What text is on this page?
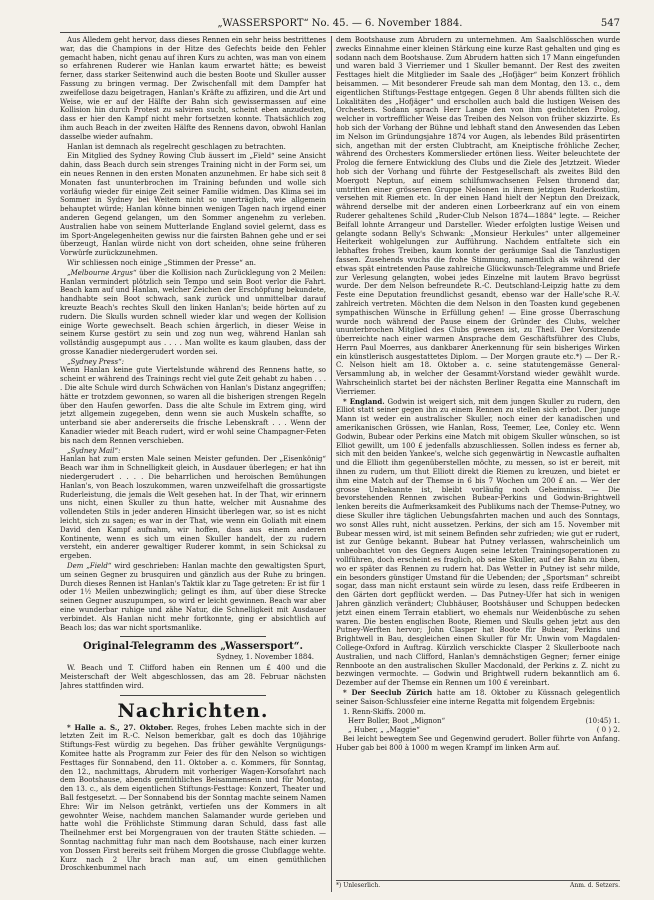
„WASSERSPORT“ No. 45. — 6. November 1884.	547

Aus Alledem geht hervor, dass dieses Rennen ein sehr heiss bestrittenes war, das die Champions in der Hitze des Gefechts beide den Fehler gemacht haben, nicht genau auf ihren Kurs zu achten, was man von einem so erfahrenen Ruderer wie Hanlan kaum erwartet hätte; es beweist ferner, dass starker Seitenwind auch die besten Boote und Skuller ausser Fassung zu bringen vermag. Der Zwischenfall mit dem Dampfer hat zweifellose dazu beigetragen, Hanlan's Kräfte zu affiziren, und die Art und Weise, wie er auf der Hälfte der Bahn sich gewissermassen auf eine Kollision hin durch Protest zu salviren sucht, scheint eben anzudeuten, dass er hier den Kampf nicht mehr fortsetzen konnte. Thatsächlich zog ihm auch Beach in der zweiten Hälfte des Rennens davon, obwohl Hanlan dasselbe wieder aufnahm.

Hanlan ist demnach als regelrecht geschlagen zu betrachten.

Ein Mitglied des Sydney Rowing Club äussert im „Field“ seine Ansicht dahin, dass Beach durch sein strenges Training nicht in der Form sei, um ein neues Rennen in den ersten Monaten anzunehmen. Er habe sich seit 8 Monaten fast ununterbrochen im Training befunden und wolle sich vorläufig wieder für einige Zeit seiner Familie widmen. Das Klima sei im Sommer in Sydney bei Weitem nicht so unerträglich, wie allgemein behauptet würde; Hanlan könne binnen wenigen Tagen nach irgend einer anderen Gegend gelangen, um den Sommer angenehm zu verleben. Australien habe von seinem Mutterlande England soviel gelernt, dass es im Sport-Angelegenheiten gewiss nur die fairsten Bahnen gehe und er sei überzeugt, Hanlan würde nicht von dort scheiden, ohne seine früheren Vorwürfe zurückzunehmen.

Wir schliessen noch einige „Stimmen der Presse“ an.

„Melbourne Argus“ über die Kollision nach Zurücklegung von 2 Meilen: Hanlan vermindert plötzlich sein Tempo und sein Boot verlor die Fahrt. Beach kam auf und Hanlan, welcher Zeichen der Erschöpfung bekundete, handhabte sein Boot schwach, sank zurück und unmittelbar darauf kreuzte Beach's rechtes Skull den linken Hanlan's; beide hörten auf zu rudern. Die Skulls wurden schnell wieder klar und wegen der Kollision einige Worte gewechselt. Beach schien ärgerlich, in dieser Weise in seinem Kurse gestört zu sein und zog nun weg, während Hanlan sah vollständig ausgepumpt aus . . . . Man wollte es kaum glauben, dass der grosse Kanadier niedergerudert worden sei.

„Sydney Press“:
Wenn Hanlan keine gute Viertelstunde während des Rennens hatte, so scheint er während des Trainings recht viel gute Zeit gehabt zu haben . . . . Die alte Schule wird durch Schwächen von Hanlan's Distanz angegriffen; hätte er trotzdem gewonnen, so waren all die bisherigen strengen Regeln über den Haufen geworfen. Dass die alte Schule im Extrem ging, wird jetzt allgemein zugegeben, denn wenn sie auch Muskeln schaffte, so unterband sie aber andererseits die frische Lebenskraft . . . Wenn der Kanadier wieder mit Beach rudert, wird er wohl seine Champagner-Feten bis nach dem Rennen verschieben.

„Sydney Mail“:
Hanlan hat zum ersten Male seinen Meister gefunden. Der „Eisenkönig“ Beach war ihm in Schnelligkeit gleich, in Ausdauer überlegen; er hat ihn niedergerudert . . . . Die beharrlichen und heroischen Bemühungen Hanlan's, von Beach loszukommen, waren unzweifelhaft die grossartigste Ruderleistung, die jemals die Welt gesehen hat. In der That, wir erinnern uns nicht, einen Skuller zu thun hatte, welcher mit Ausnahme des vollendeten Stils in jeder anderen Hinsicht überlegen war, so ist es nicht leicht, sich zu sagen; es war in der That, wie wenn ein Goliath mit einem David den Kampf aufnahm, wir hoffen, dass aus einem anderen Kontinente, wenn es sich um einen Skuller handelt, der zu rudern versteht, ein anderer gewaltiger Ruderer kommt, in sein Schicksal zu ergeben.

Dem „Field“ wird geschrieben: Hanlan machte den gewaltigsten Spurt, um seinen Gegner zu brusquiren und gänzlich aus der Ruhe zu bringen. Durch dieses Rennen ist Hanlan's Taktik klar zu Tage getreten: Er ist für 1 oder 1½ Meilen unbezwinglich; gelingt es ihm, auf über diese Strecke seinen Gegner auszupumpen, so wird er leicht gewinnen. Beach war aber eine wunderbar ruhige und zähe Natur, die Schnelligkeit mit Ausdauer verbindet. Als Hanlan nicht mehr fortkonnte, ging er absichtlich auf Beach los; das war nicht sportsmanlike.

Original-Telegramm des „Wassersport“.
Sydney, 1. November 1884.

W. Beach und T. Clifford haben ein Rennen um £ 400 und die Meisterschaft der Welt abgeschlossen, das am 28. Februar nächsten Jahres stattfinden wird.

Nachrichten.

* Halle a. S., 27. Oktober. Reges, frohes Leben machte sich in der letzten Zeit im R.-C. Nelson bemerkbar, galt es doch das 10jährige Stiftungs-Fest würdig zu begehen. Das früher gewählte Vergnügungs-Komitee hatte als Programm zur Feier des für den Nelson so wichtigen Festtages für Sonnabend, den 11. Oktober a. c. Kommers, für Sonntag, den 12., nachmittags, Abrudern mit vorheriger Wagen-Korsofahrt nach dem Bootshause, abends gemüthliches Beisammensein und für Montag, den 13. c., als dem eigentlichen Stiftungs-Festtage: Konzert, Theater und Ball festgesetzt. — Der Sonnabend bis der Sonntag machte seinem Namen Ehre: Wir im Nelson getränkt, vertiefen uns der Kommers in alt gewohnter Weise, nachdem manchen Salamander wurde gerieben und hatte wohl die Fröhlichste Stimmung daran Schuld, dass fast alle Theilnehmer erst bei Morgengrauen von der trauten Stätte schieden. — Sonntag nachmittag fuhr man nach dem Bootshause, nach einer kurzen von Dossen First bereits seit frühem Morgen die grosse Clubflagge wehte. Kurz nach 2 Uhr brach man auf, um einen gemüthlichen Droschkenbummel nach

dem Bootshause zum Abrudern zu unternehmen. Am Saalschlösschen wurde zwecks Einnahme einer kleinen Stärkung eine kurze Rast gehalten und ging es sodann nach dem Bootshause. Zum Abrudern hatten sich 17 Mann eingefunden und waren bald 3 Vierriemer und 1 Skuller bemannt. Der Rest des zweiten Festtages hielt die Mitglieder im Saale des „Hofjäger“ beim Konzert fröhlich beisammen. — Mit besonderer Freude sah man dem Montag, den 13. c., dem eigentlichen Stiftungs-Festtage entgegen. Gegen 8 Uhr abends füllten sich die Lokalitäten des „Hofjäger“ und erschollen auch bald die lustigen Weisen des Orchesters. Sodann sprach Herr Lange den von ihm gedichteten Prolog, welcher in vortrefflicher Weise das Treiben des Nelson von früher skizzirte. Es hob sich der Vorhang der Bühne und lebhaft stand den Anwesenden das Leben im Nelson im Gründungsjahre 1874 vor Augen, als lebendes Bild präsentirten sich, angethan mit der ersten Clubtracht, am Kneiptische fröhliche Zecher, während des Orchesters Kommerslieder ertönen liess. Weiter beleuchtete der Prolog die fernere Entwicklung des Clubs und die Ziele des Jetztzeit. Wieder hob sich der Vorhang und führte der Festgesellschaft als zweites Bild den Moergott Neptun, auf einem schilfumwachsenen Felsen thronend dar, umtritten einer grösseren Gruppe Nelsonen in ihrem jetzigen Ruderkostüm, versehen mit Riemen etc. In der einen Hand hielt der Neptun den Dreizack, während derselbe mit der anderen einen Lorbeerkranz auf ein von einem Ruderer gehaltenes Schild „Ruder-Club Nelson 1874—1884“ legte. — Reicher Beifall lohnte Arrangeur und Darsteller. Wieder erfolgten lustige Weisen und gelangte sodann Belly's Schwank: „Monsieur Herkules“ unter allgemeiner Heiterkeit wohlgelungen zur Aufführung. Nachdem entfaltete sich ein lebhaftes frohes Treiben, kaum konnte der geräumige Saal die Tanzlustigen fassen. Zusehends wuchs die frohe Stimmung, namentlich als während der etwas spät eintretenden Pause zahlreiche Glückwunsch-Telegramme und Briefe zur Verlesung gelangten, wobei jedes Einzelne mit lautem Bravo begrüsst wurde. Der dem Nelson befreundete R.-C. Deutschland-Leipzig hatte zu dem Feste eine Deputation freundlichst gesandt, ebenso war der Halle'sche R.-V. zahlreich vertreten. Möchten die dem Nelson in den Toasten kund gegebenen sympathischen Wünsche in Erfüllung gehen! — Eine grosse Überraschung wurde noch während der Pause einem der Gründer des Clubs, welcher ununterbrochen Mitglied des Clubs gewesen ist, zu Theil. Der Vorsitzende überreichte nach einer warmen Ansprache dem Geschäftsführer des Clubs, Herrn Paul Moerres, aus dankbarer Anerkennung für sein bisheriges Wirken ein künstlerisch ausgestattetes Diplom. — Der Morgen graute etc.*) — Der R.-C. Nelson hielt am 18. Oktober a. c. seine statutengemässe General-Versammlung ab, in welcher der Gesammt-Vorstand wieder gewählt wurde. Wahrscheinlich startet bei der nächsten Berliner Regatta eine Mannschaft im Vierriemer.

* England. Godwin ist weigert sich, mit dem jungen Skuller zu rudern, den Elliot statt seiner gegen ihn zu einem Rennen zu stellen sich erbot. Der junge Mann ist weder ein australischer Skuller, noch einer der kanadischen und amerikanischen Grössen, wie Hanlan, Ross, Teemer, Lee, Conley etc. Wenn Godwin, Bubear oder Perkins eine Match mit obigem Skuller wünschen, so ist Elliot gewillt, um 100 £ jedenfalls abzuschliessen. Sollen indess es ferner ab, sich mit den beiden Yankee's, welche sich gegenwärtig in Newcastle aufhalten und die Elliott ihm gegenüberstellen möchte, zu messen, so ist er bereit, mit ihnen zu rudern, um thut Elliott direkt die Riemen zu kreuzen, und bietet er ihm eine Match auf der Themse in 6 bis 7 Wochen um 200 £ an. — Wer der grosse Unbekannte ist, bleibt vorläufig noch Geheimniss. — Die bevorstehenden Rennen zwischen Bubear-Perkins und Godwin-Brightwell lenken bereits die Aufmerksamkeit des Publikums nach der Themse-Putney, wo diese Skuller ihre täglichen Uebungsfahrten machen und auch des Sonntags, wo sonst Alles ruht, nicht aussetzen. Perkins, der sich am 15. November mit Bubear messen wird, ist mit seinem Befinden sehr zufrieden; wie gut er rudert, ist zur Genüge bekannt. Bubear hat Putney verlassen, wahrscheinlich um unbeobachtet von des Gegners Augen seine letzten Trainingsoperationen zu vollführen, doch erscheint es fraglich, ob seine Skuller, auf der Bahn zu üben, wo er später das Rennen zu rudern hat. Das Wetter in Putney ist sehr milde, ein besonders günstiger Umstand für die Uebenden; der „Sportsman“ schreibt sogar, dass man nicht erstaunt sein würde zu lesen, dass reife Erdbeeren in den Gärten dort gepflückt werden. — Das Putney-Ufer hat sich in wenigen Jahren gänzlich verändert; Clubhäuser, Bootshäuser und Schuppen bedecken jetzt einen einem Terrain etabliert, wo ehemals nur Weidenbüsche zu sehen waren. Die besten englischen Boote, Riemen und Skulls gehen jetzt aus den Putney-Werften hervor; John Clasper hat Boote für Bubear, Perkins und Brightwell in Bau, desgleichen einen Skuller für Mr. Unwin vom Magdalen-College-Oxford in Auftrag. Kürzlich verschickte Clasper 2 Skullerboote nach Australien, und nach Clifford, Hanlan's demnächstigen Gegner; ferner einige Rennboote an den australischen Skuller Macdonald, der Perkins z. Z. nicht zu bezwingen vermochte. — Godwin und Brightwell rudern bekanntlich am 6. Dezember auf der Themse ein Rennen um 100 £ vereinbart.

* Der Seeclub Zürich hatte am 18. Oktober zu Küssnach gelegentlich seiner Saison-Schlussfeier eine interne Regatta mit folgendem Ergebnis:

1. Renn-Skiffs. 2000 m.

Herr Boller, Boot „Mignon“	(10:45) 1.
„ Huber, „ „Maggie“	( 0 ) 2.

Bei leicht bewegtem See und Gegenwind gerudert. Boller führte von Anfang. Huber gab bei 800 à 1000 m wegen Krampf im linken Arm auf.

*) Unleserlich.	Anm. d. Setzers.
